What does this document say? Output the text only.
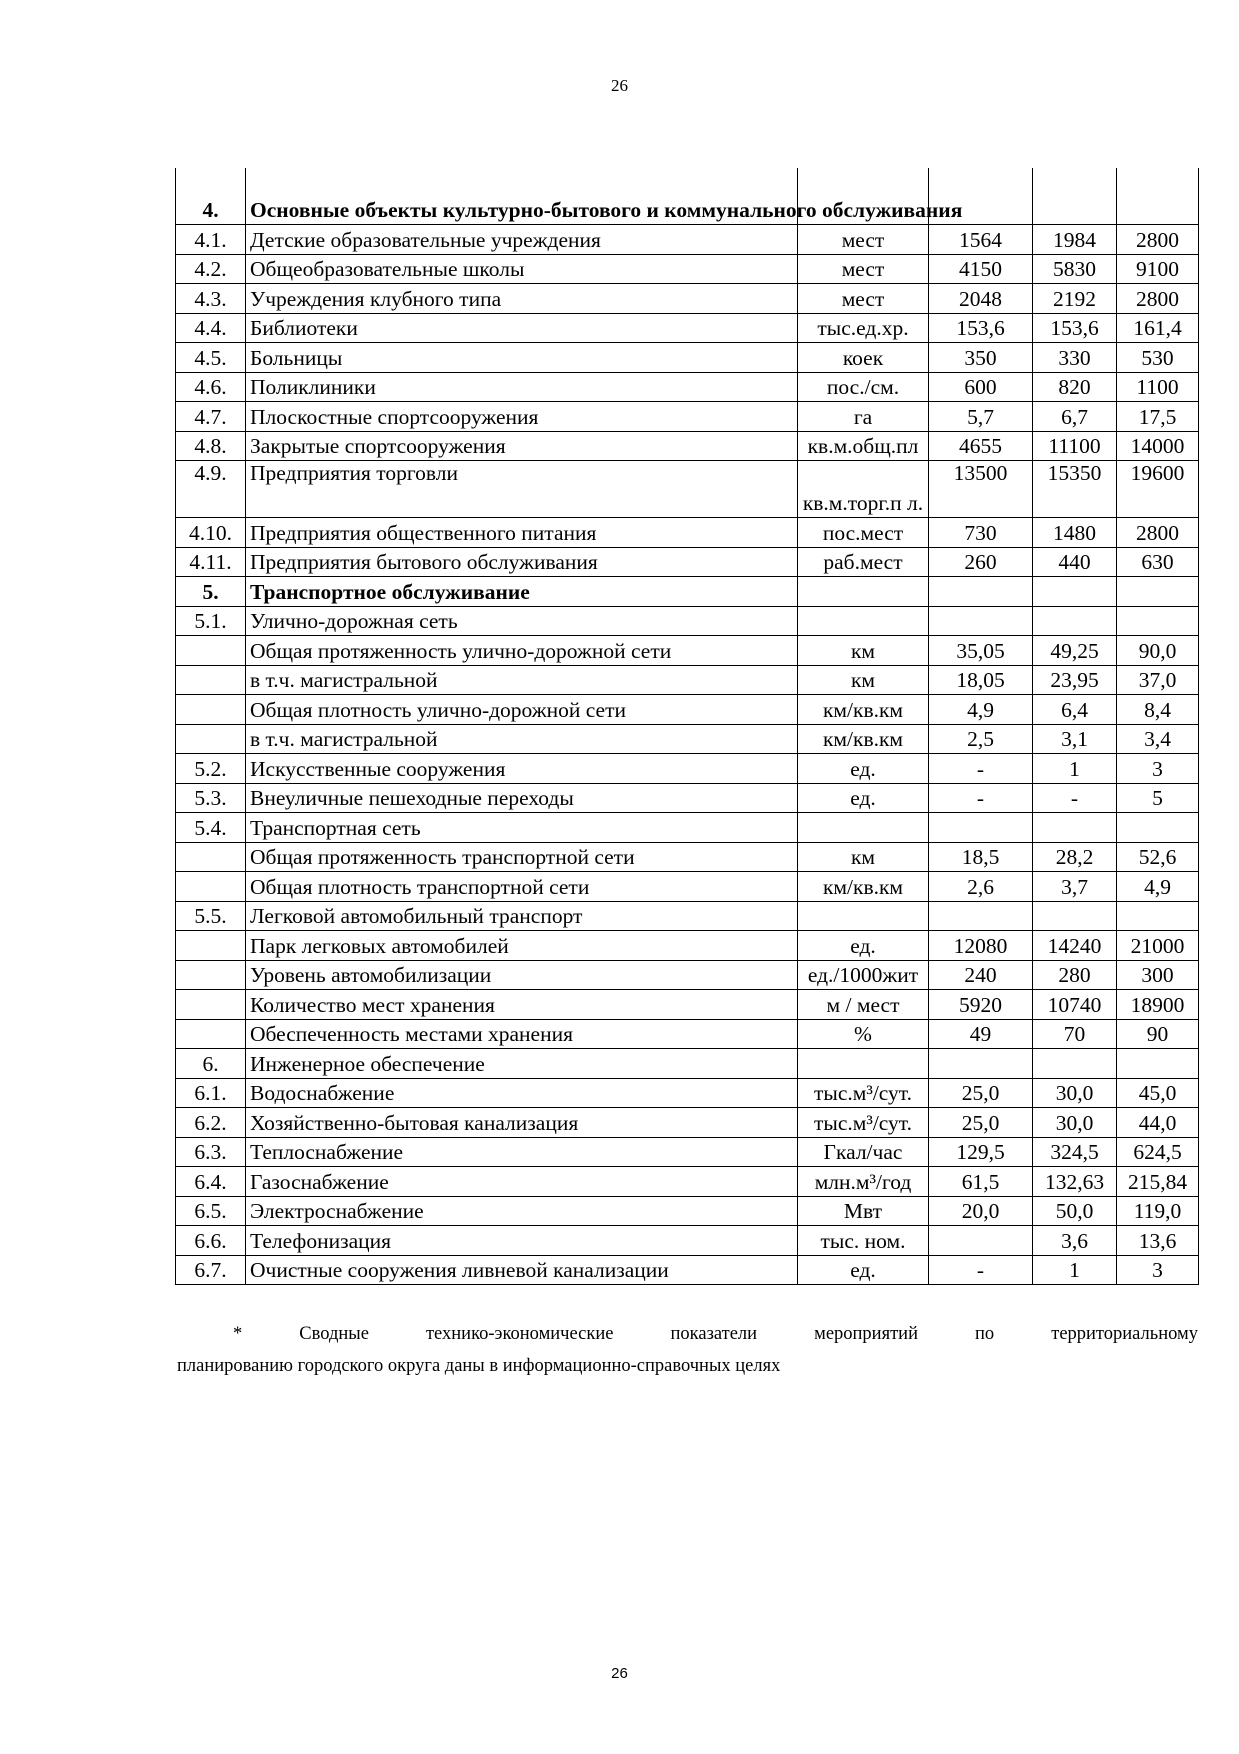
26
4.	Основные объекты культурно-бытового и коммунального обслуживания				
4.1.	Детские образовательные учреждения	мест	1564	1984	2800
4.2.	Общеобразовательные школы	мест	4150	5830	9100
4.3.	Учреждения клубного типа	мест	2048	2192	2800
4.4.	Библиотеки	тыс.ед.хр.	153,6	153,6	161,4
4.5.	Больницы	коек	350	330	530
4.6.	Поликлиники	пос./см.	600	820	1100
4.7.	Плоскостные спортсооружения	га	5,7	6,7	17,5
4.8.	Закрытые спортсооружения	кв.м.общ.пл	4655	11100	14000
4.9.	Предприятия торговли	кв.м.торг.п л.	13500	15350	19600
4.10.	Предприятия общественного питания	пос.мест	730	1480	2800
4.11.	Предприятия бытового обслуживания	раб.мест	260	440	630
5.	Транспортное обслуживание				
5.1.	Улично-дорожная сеть				
	Общая протяженность улично-дорожной сети	км	35,05	49,25	90,0
	в т.ч. магистральной	км	18,05	23,95	37,0
	Общая плотность улично-дорожной сети	км/кв.км	4,9	6,4	8,4
	в т.ч. магистральной	км/кв.км	2,5	3,1	3,4
5.2.	Искусственные сооружения	ед.	-	1	3
5.3.	Внеуличные пешеходные переходы	ед.	-	-	5
5.4.	Транспортная сеть				
	Общая протяженность транспортной сети	км	18,5	28,2	52,6
	Общая плотность транспортной сети	км/кв.км	2,6	3,7	4,9
5.5.	Легковой автомобильный транспорт				
	Парк легковых автомобилей	ед.	12080	14240	21000
	Уровень автомобилизации	ед./1000жит	240	280	300
	Количество мест хранения	м / мест	5920	10740	18900
	Обеспеченность местами хранения	%	49	70	90
6.	Инженерное обеспечение				
6.1.	Водоснабжение	тыс.м³/сут.	25,0	30,0	45,0
6.2.	Хозяйственно-бытовая канализация	тыс.м³/сут.	25,0	30,0	44,0
6.3.	Теплоснабжение	Гкал/час	129,5	324,5	624,5
6.4.	Газоснабжение	млн.м³/год	61,5	132,63	215,84
6.5.	Электроснабжение	Мвт	20,0	50,0	119,0
6.6.	Телефонизация	тыс. ном.		3,6	13,6
6.7.	Очистные сооружения ливневой канализации	ед.	-	1	3
*	Сводные	технико-экономические	показатели	мероприятий	по	территориальному
планированию городского округа даны в информационно-справочных целях
26
